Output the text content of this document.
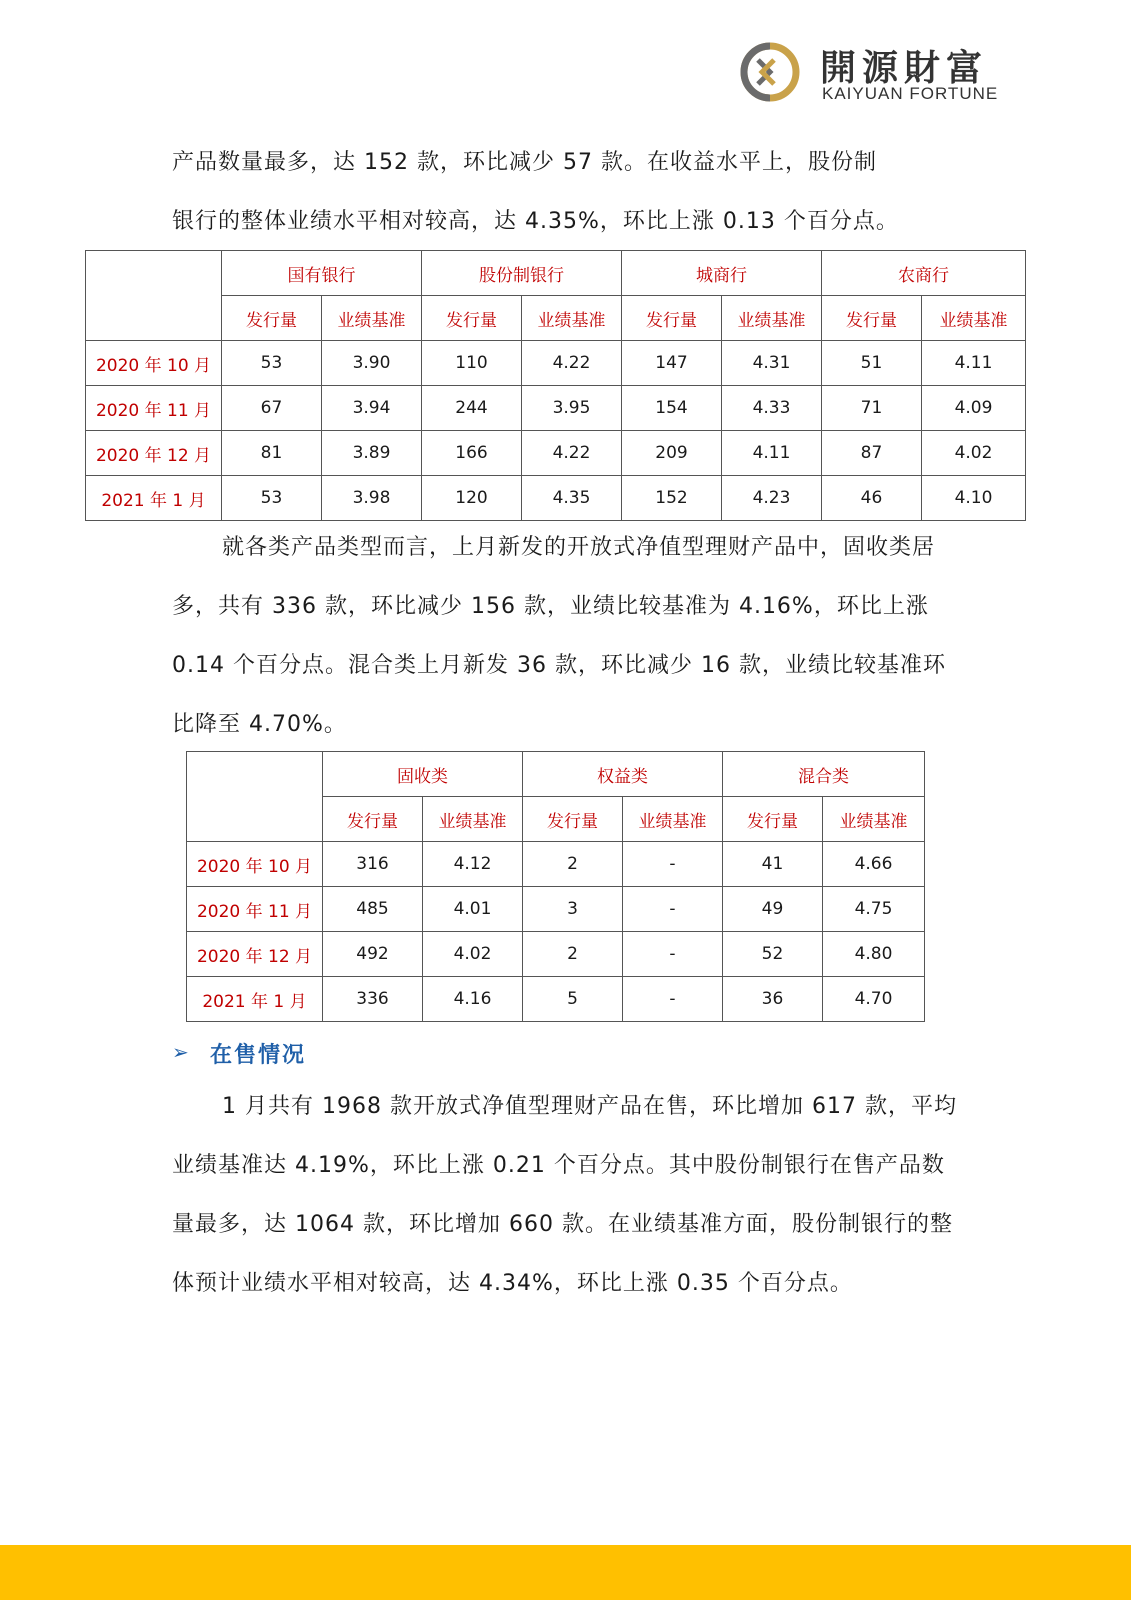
開源財富
KAIYUAN FORTUNE

产品数量最多，达 152 款，环比减少 57 款。在收益水平上，股份制

银行的整体业绩水平相对较高，达 4.35%，环比上涨 0.13 个百分点。

	国有银行		股份制银行		城商行		农商行	
	发行量	业绩基准	发行量	业绩基准	发行量	业绩基准	发行量	业绩基准
2020 年 10 月	53	3.90	110	4.22	147	4.31	51	4.11
2020 年 11 月	67	3.94	244	3.95	154	4.33	71	4.09
2020 年 12 月	81	3.89	166	4.22	209	4.11	87	4.02
2021 年 1 月	53	3.98	120	4.35	152	4.23	46	4.10

就各类产品类型而言，上月新发的开放式净值型理财产品中，固收类居多，共有 336 款，环比减少 156 款，业绩比较基准为 4.16%，环比上涨 0.14 个百分点。混合类上月新发 36 款，环比减少 16 款，业绩比较基准环比降至 4.70%。

	固收类		权益类		混合类	
	发行量	业绩基准	发行量	业绩基准	发行量	业绩基准
2020 年 10 月	316	4.12	2	-	41	4.66
2020 年 11 月	485	4.01	3	-	49	4.75
2020 年 12 月	492	4.02	2	-	52	4.80
2021 年 1 月	336	4.16	5	-	36	4.70
➢ 在售情况

1 月共有 1968 款开放式净值型理财产品在售，环比增加 617 款，平均业绩基准达 4.19%，环比上涨 0.21 个百分点。其中股份制银行在售产品数量最多，达 1064 款，环比增加 660 款。在业绩基准方面，股份制银行的整体预计业绩水平相对较高，达 4.34%，环比上涨 0.35 个百分点。
